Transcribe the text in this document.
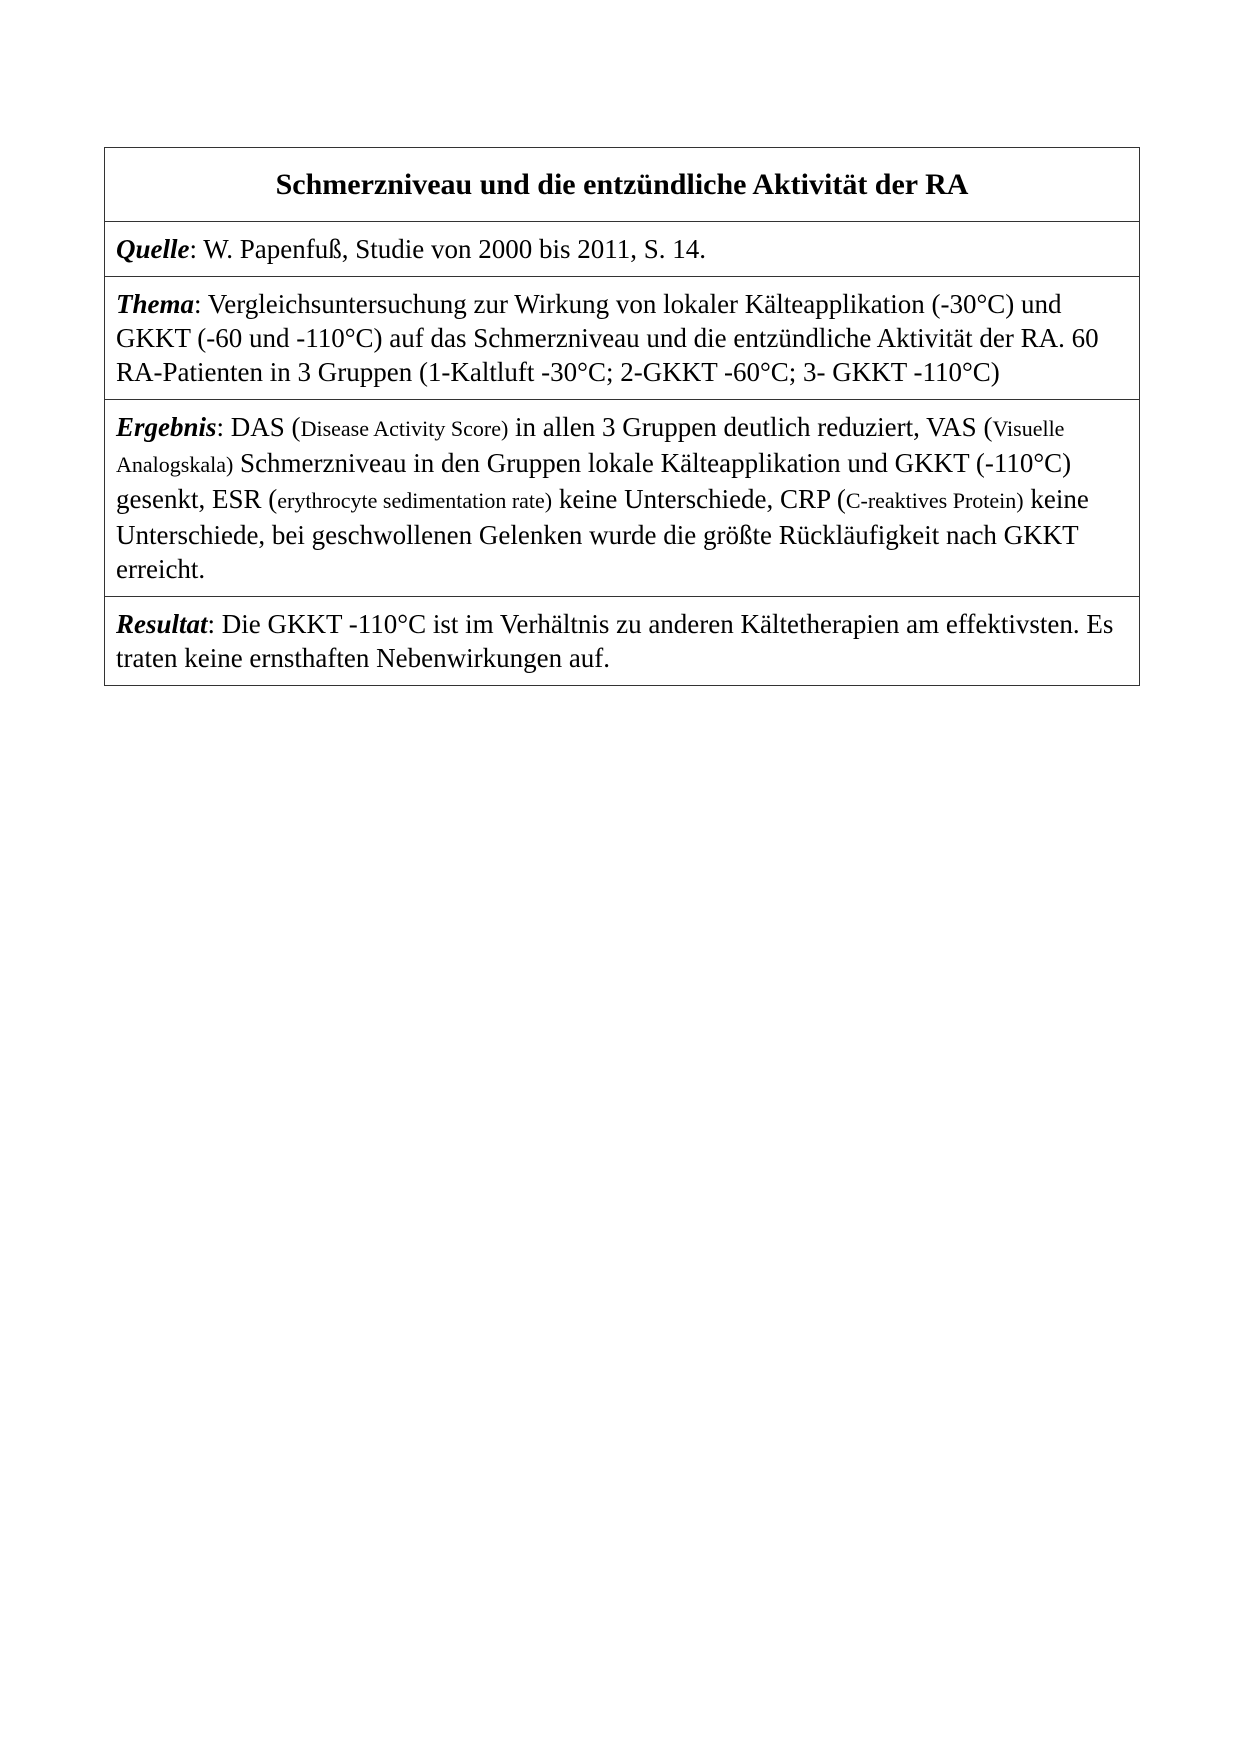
Schmerzniveau und die entzündliche Aktivität der RA
Quelle: W. Papenfuß, Studie von 2000 bis 2011, S. 14.
Thema: Vergleichsuntersuchung zur Wirkung von lokaler Kälteapplikation (-30°C) und GKKT (-60 und -110°C) auf das Schmerzniveau und die entzündliche Aktivität der RA. 60 RA-Patienten in 3 Gruppen (1-Kaltluft -30°C; 2-GKKT -60°C; 3- GKKT -110°C)
Ergebnis: DAS (Disease Activity Score) in allen 3 Gruppen deutlich reduziert, VAS (Visuelle Analogskala) Schmerzniveau in den Gruppen lokale Kälteapplikation und GKKT (-110°C) gesenkt, ESR (erythrocyte sedimentation rate) keine Unterschiede, CRP (C-reaktives Protein) keine Unterschiede, bei geschwollenen Gelenken wurde die größte Rückläufigkeit nach GKKT erreicht.
Resultat: Die GKKT -110°C ist im Verhältnis zu anderen Kältetherapien am effektivsten. Es traten keine ernsthaften Nebenwirkungen auf.
